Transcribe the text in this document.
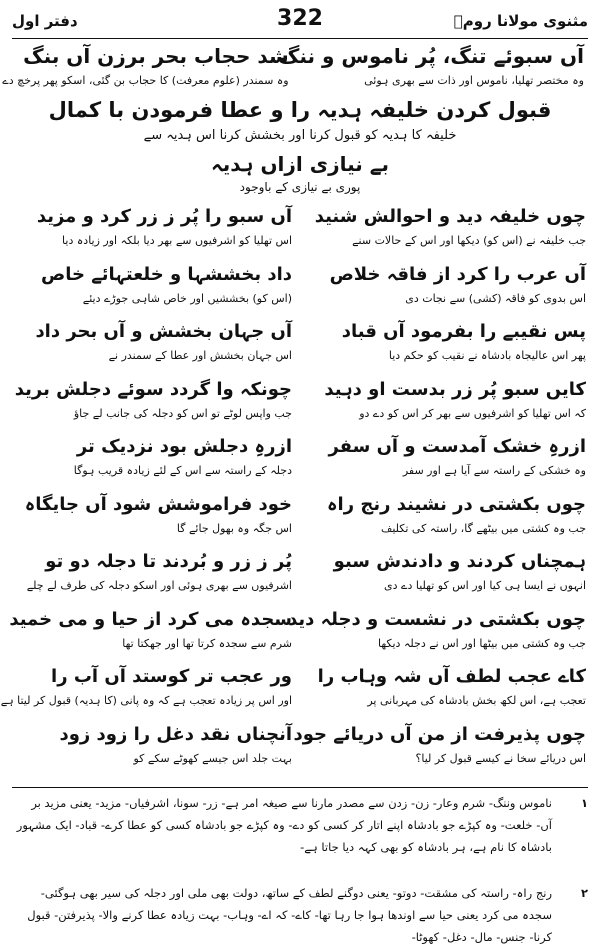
مثنوی مولانا رومؒ
322
دفتر اول
آں سبوئے تنگ، پُر ناموس و ننگ
شد حجاب بحر برزن آں بنگ
وہ مختصر تھلیا، ناموس اور ذات سے بھری ہوئی
وہ سمندر (علوم معرفت) کا حجاب بن گئی، اسکو پھر پرخچ دے
قبول کردن خلیفہ ہدیہ را و عطا فرمودن با کمال
خلیفہ کا ہدیہ کو قبول کرنا اور بخشش کرنا اس ہدیہ سے
بے نیازی ازاں ہدیہ
پوری بے نیازی کے باوجود
چوں خلیفہ دید و احوالش شنید
جب خلیفہ نے (اس کو) دیکھا اور اس کے حالات سنے
آں عرب را کرد از فاقہ خلاص
اس بدوی کو فاقہ (کشی) سے نجات دی
پس نقیبے را بفرمود آں قباد
پھر اس عالیجاہ بادشاہ نے نقیب کو حکم دیا
کایں سبو پُر زر بدست او دہید
کہ اس تھلیا کو اشرفیوں سے بھر کر اس کو دے دو
ازرہِ خشک آمدست و آں سفر
وہ خشکی کے راستہ سے آیا ہے اور سفر
چوں بکشتی در نشیند رنج راہ
جب وہ کشتی میں بیٹھے گا، راستہ کی تکلیف
ہمچناں کردند و دادندش سبو
انہوں نے ایسا ہی کیا اور اس کو تھلیا دے دی
چوں بکشتی در نشست و دجلہ دید
جب وہ کشتی میں بیٹھا اور اس نے دجلہ دیکھا
کاے عجب لطف آں شہ وہاب را
تعجب ہے، اس لکھ بخش بادشاہ کی مہربانی پر
چوں پذیرفت از من آں دریائے جود
اس دریائے سخا نے کیسے قبول کر لیا؟
آں سبو را پُر ز زر کرد و مزید
اس تھلیا کو اشرفیوں سے بھر دیا بلکہ اور زیادہ دیا
داد بخششہا و خلعتہائے خاص
(اس کو) بخششیں اور خاص شاہی جوڑے دیئے
آں جہان بخشش و آں بحر داد
اس جہان بخشش اور عطا کے سمندر نے
چونکہ وا گردد سوئے دجلش برید
جب واپس لوٹے تو اس کو دجلہ کی جانب لے جاؤ
ازرہِ دجلش بود نزدیک تر
دجلہ کے راستہ سے اس کے لئے زیادہ قریب ہوگا
خود فراموشش شود آں جایگاہ
اس جگہ وہ بھول جائے گا
پُر ز زر و بُردند تا دجلہ دو تو
اشرفیوں سے بھری ہوئی اور اسکو دجلہ کی طرف لے چلے
سجدہ می کرد از حیا و می خمید
شرم سے سجدہ کرتا تھا اور جھکتا تھا
ور عجب تر کوستد آں آب را
اور اس پر زیادہ تعجب ہے کہ وہ پانی (کا ہدیہ) قبول کر لیتا ہے
آنچناں نقد دغل را زود زود
بہت جلد اس جیسے کھوٹے سکے کو
۱
ناموس وننگ- شرم وعار- زن- زدن سے مصدر مارنا سے صیغہ امر ہے- زر- سونا، اشرفیاں- مزید- یعنی مزید بر آں- خلعت- وہ کپڑے جو بادشاہ اپنے اتار کر کسی کو دے- وہ کپڑے جو بادشاہ کسی کو عطا کرے- قباد- ایک مشہور بادشاہ کا نام ہے، ہر بادشاہ کو بھی کہہ دیا جاتا ہے-
۲
رنج راہ- راستہ کی مشقت- دوتو- یعنی دوگنے لطف کے ساتھ، دولت بھی ملی اور دجلہ کی سیر بھی ہوگئی- سجدہ می کرد یعنی حیا سے اوندھا ہوا جا رہا تھا- کاے- کہ اے- وہاب- بہت زیادہ عطا کرنے والا- پذیرفتن- قبول کرنا- جنس- مال- دغل- کھوٹا-
